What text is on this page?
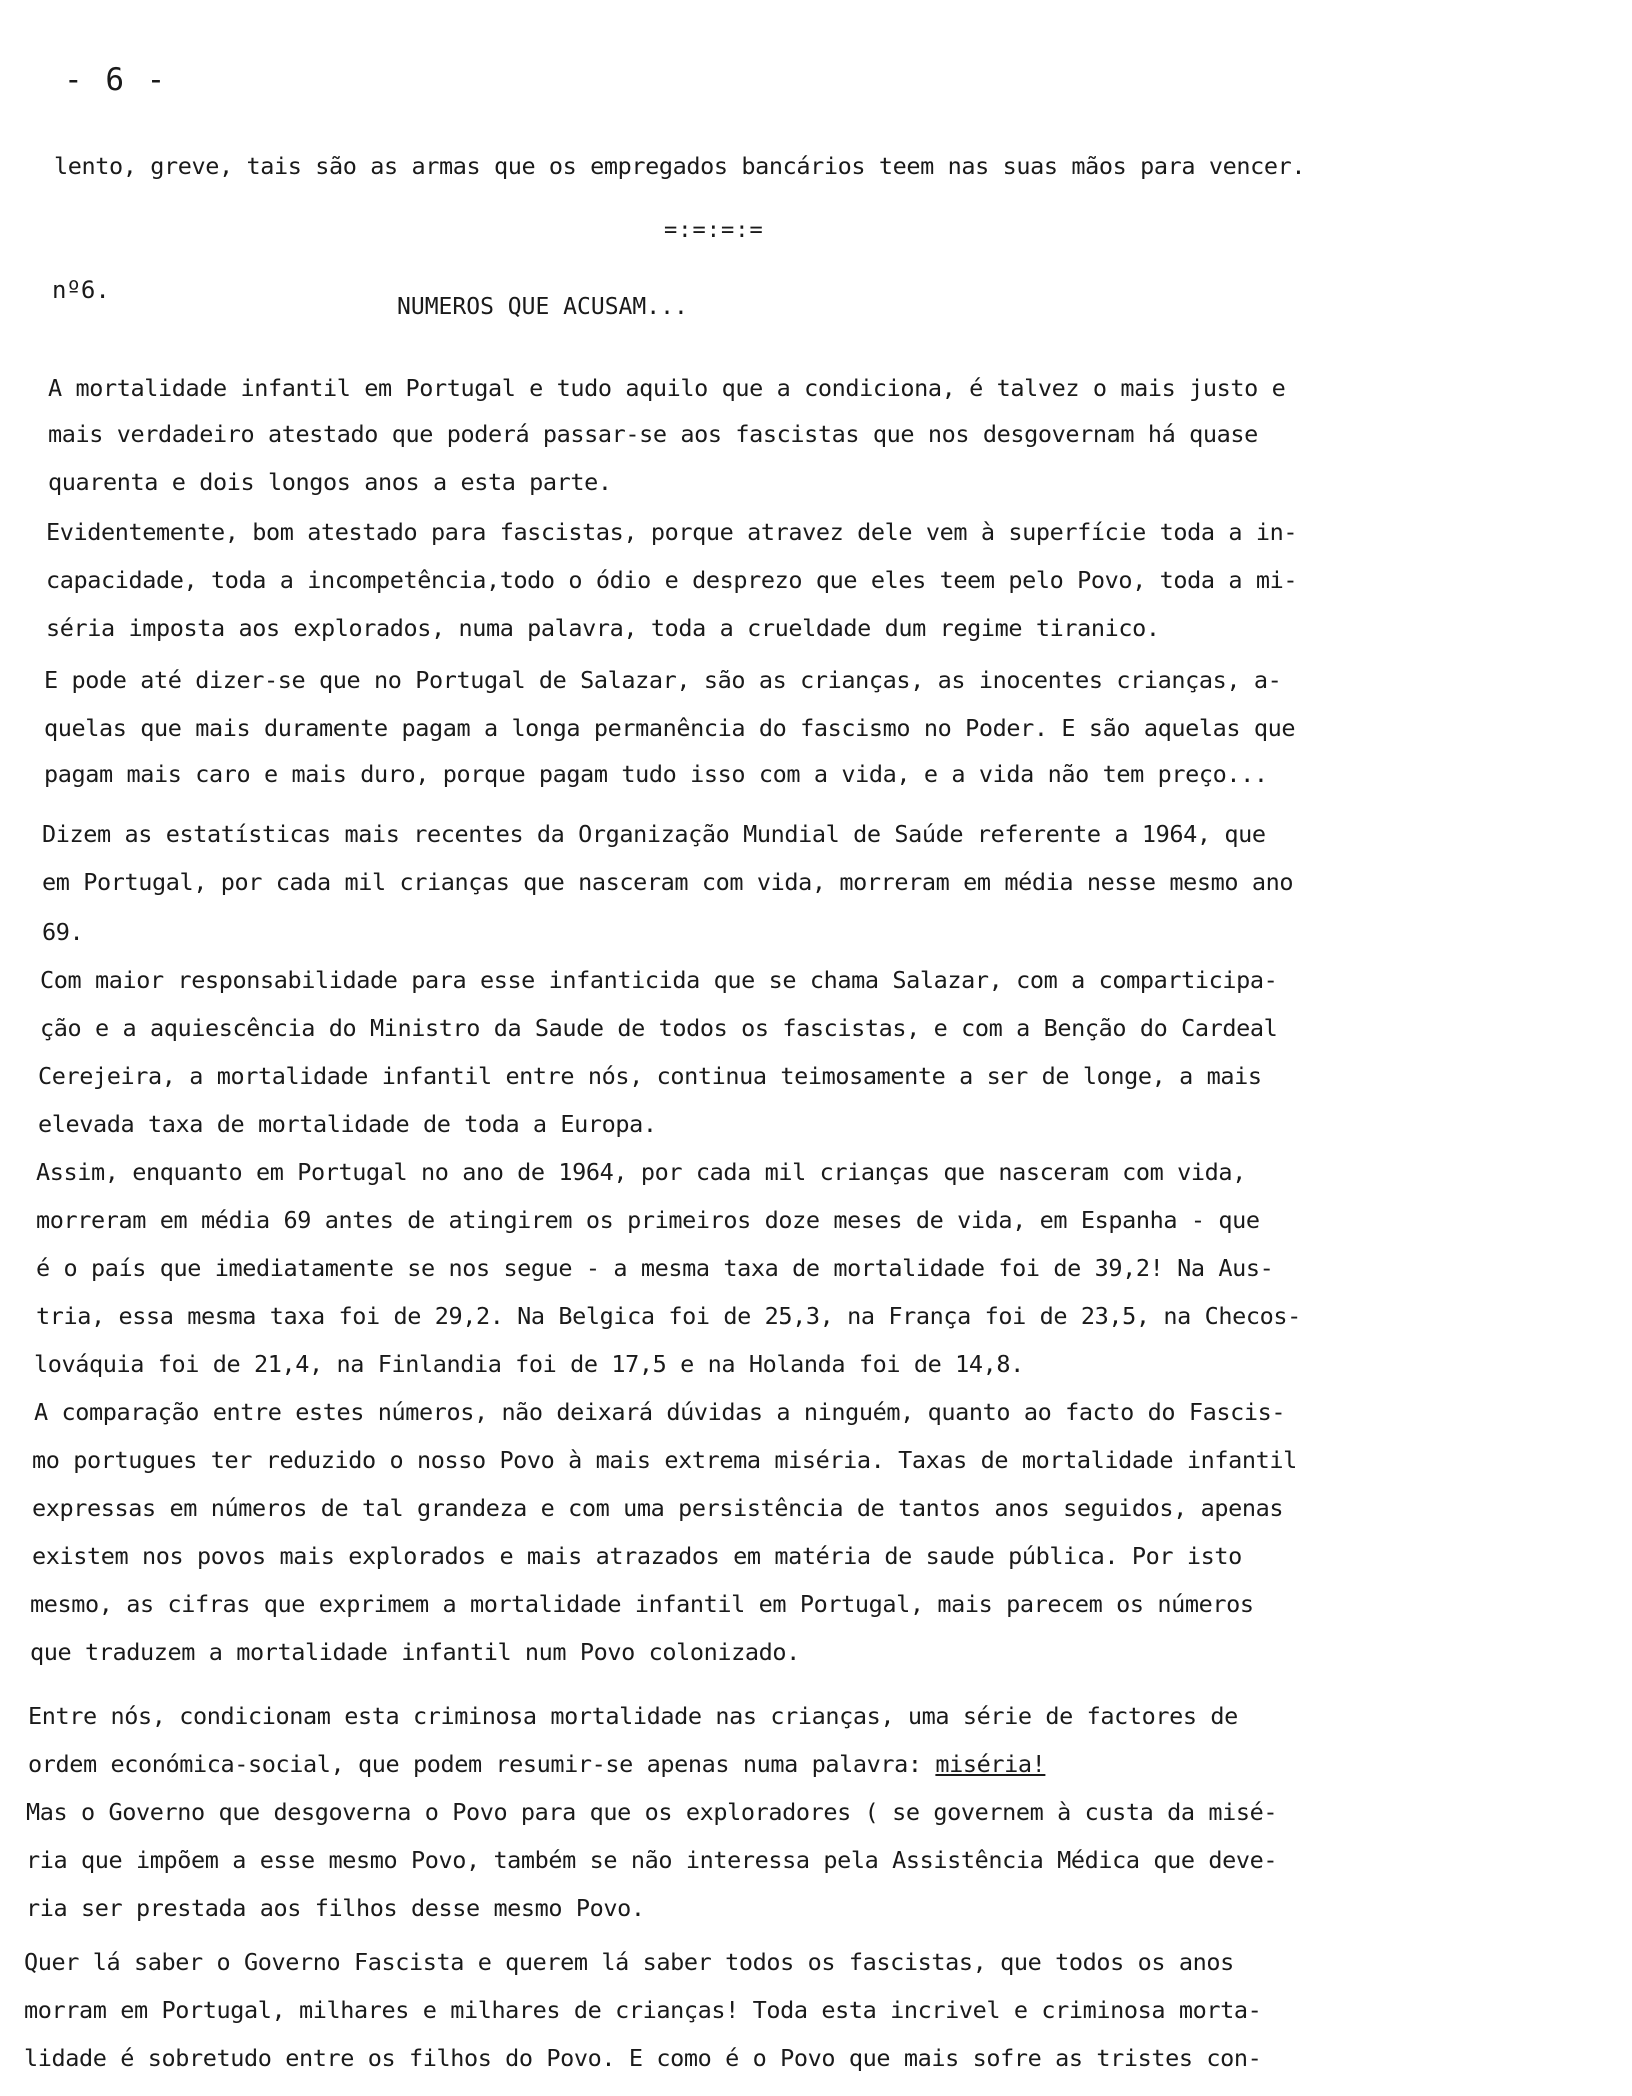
- 6 -
lento, greve, tais são as armas que os empregados bancários teem nas suas mãos para vencer.
=:=:=:=
nº6.
NUMEROS QUE ACUSAM...
A mortalidade infantil em Portugal e tudo aquilo que a condiciona, é talvez o mais justo e
mais verdadeiro atestado que poderá passar-se aos fascistas que nos desgovernam há quase
quarenta e dois longos anos a esta parte.
Evidentemente, bom atestado para fascistas, porque atravez dele vem à superfície toda a in-
capacidade, toda a incompetência,todo o ódio e desprezo que eles teem pelo Povo, toda a mi-
séria imposta aos explorados, numa palavra, toda a crueldade dum regime tiranico.
E pode até dizer-se que no Portugal de Salazar, são as crianças, as inocentes crianças, a-
quelas que mais duramente pagam a longa permanência do fascismo no Poder. E são aquelas que
pagam mais caro e mais duro, porque pagam tudo isso com a vida, e a vida não tem preço...
Dizem as estatísticas mais recentes da Organização Mundial de Saúde referente a 1964, que
em Portugal, por cada mil crianças que nasceram com vida, morreram em média nesse mesmo ano
69.
Com maior responsabilidade para esse infanticida que se chama Salazar, com a comparticipa-
ção e a aquiescência do Ministro da Saude de todos os fascistas, e com a Benção do Cardeal
Cerejeira, a mortalidade infantil entre nós, continua teimosamente a ser de longe, a mais
elevada taxa de mortalidade de toda a Europa.
Assim, enquanto em Portugal no ano de 1964, por cada mil crianças que nasceram com vida,
morreram em média 69 antes de atingirem os primeiros doze meses de vida, em Espanha - que
é o país que imediatamente se nos segue - a mesma taxa de mortalidade foi de 39,2! Na Aus-
tria, essa mesma taxa foi de 29,2. Na Belgica foi de 25,3, na França foi de 23,5, na Checos-
lováquia foi de 21,4, na Finlandia foi de 17,5 e na Holanda foi de 14,8.
A comparação entre estes números, não deixará dúvidas a ninguém, quanto ao facto do Fascis-
mo portugues ter reduzido o nosso Povo à mais extrema miséria. Taxas de mortalidade infantil
expressas em números de tal grandeza e com uma persistência de tantos anos seguidos, apenas
existem nos povos mais explorados e mais atrazados em matéria de saude pública. Por isto
mesmo, as cifras que exprimem a mortalidade infantil em Portugal, mais parecem os números
que traduzem a mortalidade infantil num Povo colonizado.
Entre nós, condicionam esta criminosa mortalidade nas crianças, uma série de factores de
ordem económica-social, que podem resumir-se apenas numa palavra: miséria!
Mas o Governo que desgoverna o Povo para que os exploradores ( se governem à custa da misé-
ria que impõem a esse mesmo Povo, também se não interessa pela Assistência Médica que deve-
ria ser prestada aos filhos desse mesmo Povo.
Quer lá saber o Governo Fascista e querem lá saber todos os fascistas, que todos os anos
morram em Portugal, milhares e milhares de crianças! Toda esta incrivel e criminosa morta-
lidade é sobretudo entre os filhos do Povo. E como é o Povo que mais sofre as tristes con-
